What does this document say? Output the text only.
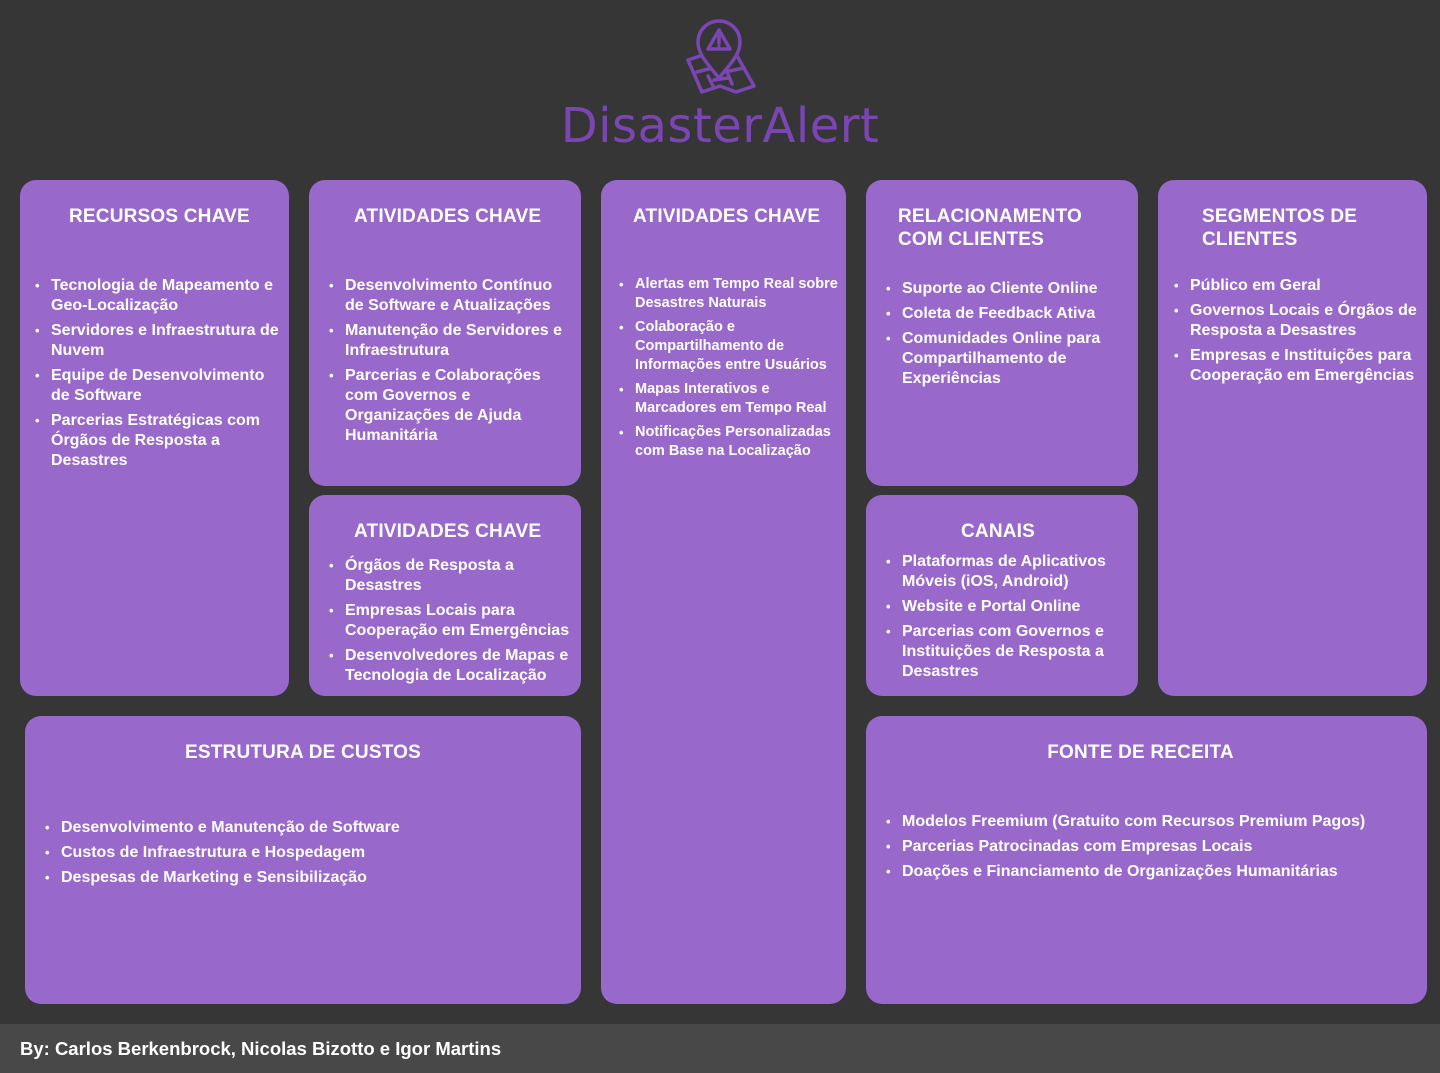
DisasterAlert
RECURSOS CHAVE
• Tecnologia de Mapeamento e Geo-Localização
• Servidores e Infraestrutura de Nuvem
• Equipe de Desenvolvimento de Software
• Parcerias Estratégicas com Órgãos de Resposta a Desastres
ATIVIDADES CHAVE
• Desenvolvimento Contínuo de Software e Atualizações
• Manutenção de Servidores e Infraestrutura
• Parcerias e Colaborações com Governos e Organizações de Ajuda Humanitária
ATIVIDADES CHAVE
• Órgãos de Resposta a Desastres
• Empresas Locais para Cooperação em Emergências
• Desenvolvedores de Mapas e Tecnologia de Localização
ATIVIDADES CHAVE
• Alertas em Tempo Real sobre Desastres Naturais
• Colaboração e Compartilhamento de Informações entre Usuários
• Mapas Interativos e Marcadores em Tempo Real
• Notificações Personalizadas com Base na Localização
RELACIONAMENTO COM CLIENTES
• Suporte ao Cliente Online
• Coleta de Feedback Ativa
• Comunidades Online para Compartilhamento de Experiências
CANAIS
• Plataformas de Aplicativos Móveis (iOS, Android)
• Website e Portal Online
• Parcerias com Governos e Instituições de Resposta a Desastres
SEGMENTOS DE CLIENTES
• Público em Geral
• Governos Locais e Órgãos de Resposta a Desastres
• Empresas e Instituições para Cooperação em Emergências
ESTRUTURA DE CUSTOS
• Desenvolvimento e Manutenção de Software
• Custos de Infraestrutura e Hospedagem
• Despesas de Marketing e Sensibilização
FONTE DE RECEITA
• Modelos Freemium (Gratuito com Recursos Premium Pagos)
• Parcerias Patrocinadas com Empresas Locais
• Doações e Financiamento de Organizações Humanitárias
By: Carlos Berkenbrock, Nicolas Bizotto e Igor Martins
